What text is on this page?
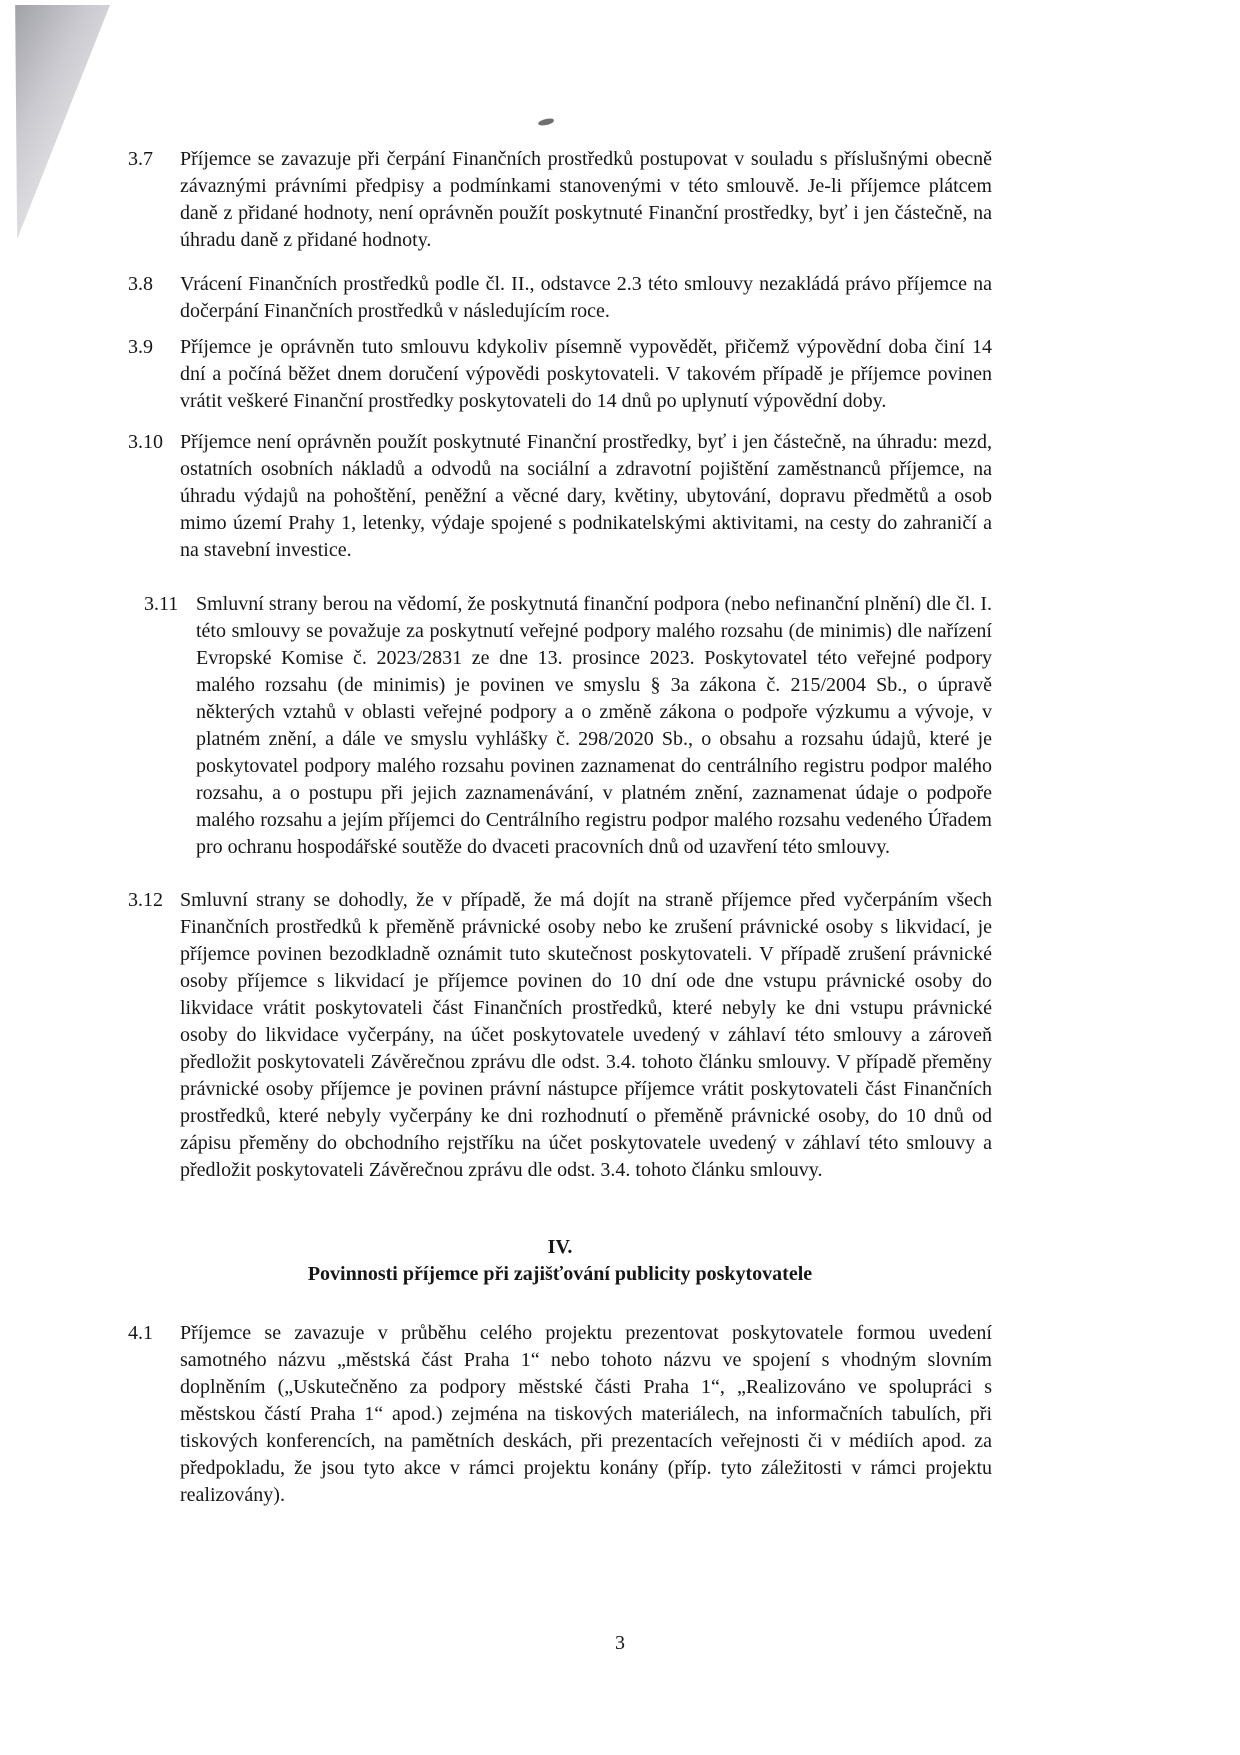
3.7	Příjemce se zavazuje při čerpání Finančních prostředků postupovat v souladu s příslušnými obecně závaznými právními předpisy a podmínkami stanovenými v této smlouvě. Je-li příjemce plátcem daně z přidané hodnoty, není oprávněn použít poskytnuté Finanční prostředky, byť i jen částečně, na úhradu daně z přidané hodnoty.

3.8	Vrácení Finančních prostředků podle čl. II., odstavce 2.3 této smlouvy nezakládá právo příjemce na dočerpání Finančních prostředků v následujícím roce.

3.9	Příjemce je oprávněn tuto smlouvu kdykoliv písemně vypovědět, přičemž výpovědní doba činí 14 dní a počíná běžet dnem doručení výpovědi poskytovateli. V takovém případě je příjemce povinen vrátit veškeré Finanční prostředky poskytovateli do 14 dnů po uplynutí výpovědní doby.

3.10 Příjemce není oprávněn použít poskytnuté Finanční prostředky, byť i jen částečně, na úhradu: mezd, ostatních osobních nákladů a odvodů na sociální a zdravotní pojištění zaměstnanců příjemce, na úhradu výdajů na pohoštění, peněžní a věcné dary, květiny, ubytování, dopravu předmětů a osob mimo území Prahy 1, letenky, výdaje spojené s podnikatelskými aktivitami, na cesty do zahraničí a na stavební investice.

3.11 Smluvní strany berou na vědomí, že poskytnutá finanční podpora (nebo nefinanční plnění) dle čl. I. této smlouvy se považuje za poskytnutí veřejné podpory malého rozsahu (de minimis) dle nařízení Evropské Komise č. 2023/2831 ze dne 13. prosince 2023. Poskytovatel této veřejné podpory malého rozsahu (de minimis) je povinen ve smyslu § 3a zákona č. 215/2004 Sb., o úpravě některých vztahů v oblasti veřejné podpory a o změně zákona o podpoře výzkumu a vývoje, v platném znění, a dále ve smyslu vyhlášky č. 298/2020 Sb., o obsahu a rozsahu údajů, které je poskytovatel podpory malého rozsahu povinen zaznamenat do centrálního registru podpor malého rozsahu, a o postupu při jejich zaznamenávání, v platném znění, zaznamenat údaje o podpoře malého rozsahu a jejím příjemci do Centrálního registru podpor malého rozsahu vedeného Úřadem pro ochranu hospodářské soutěže do dvaceti pracovních dnů od uzavření této smlouvy.

3.12 Smluvní strany se dohodly, že v případě, že má dojít na straně příjemce před vyčerpáním všech Finančních prostředků k přeměně právnické osoby nebo ke zrušení právnické osoby s likvidací, je příjemce povinen bezodkladně oznámit tuto skutečnost poskytovateli. V případě zrušení právnické osoby příjemce s likvidací je příjemce povinen do 10 dní ode dne vstupu právnické osoby do likvidace vrátit poskytovateli část Finančních prostředků, které nebyly ke dni vstupu právnické osoby do likvidace vyčerpány, na účet poskytovatele uvedený v záhlaví této smlouvy a zároveň předložit poskytovateli Závěrečnou zprávu dle odst. 3.4. tohoto článku smlouvy. V případě přeměny právnické osoby příjemce je povinen právní nástupce příjemce vrátit poskytovateli část Finančních prostředků, které nebyly vyčerpány ke dni rozhodnutí o přeměně právnické osoby, do 10 dnů od zápisu přeměny do obchodního rejstříku na účet poskytovatele uvedený v záhlaví této smlouvy a předložit poskytovateli Závěrečnou zprávu dle odst. 3.4. tohoto článku smlouvy.

IV.
Povinnosti příjemce při zajišťování publicity poskytovatele
4.1	Příjemce se zavazuje v průběhu celého projektu prezentovat poskytovatele formou uvedení samotného názvu „městská část Praha 1“ nebo tohoto názvu ve spojení s vhodným slovním doplněním („Uskutečněno za podpory městské části Praha 1“, „Realizováno ve spolupráci s městskou částí Praha 1“ apod.) zejména na tiskových materiálech, na informačních tabulích, při tiskových konferencích, na pamětních deskách, při prezentacích veřejnosti či v médiích apod. za předpokladu, že jsou tyto akce v rámci projektu konány (příp. tyto záležitosti v rámci projektu realizovány).

3
